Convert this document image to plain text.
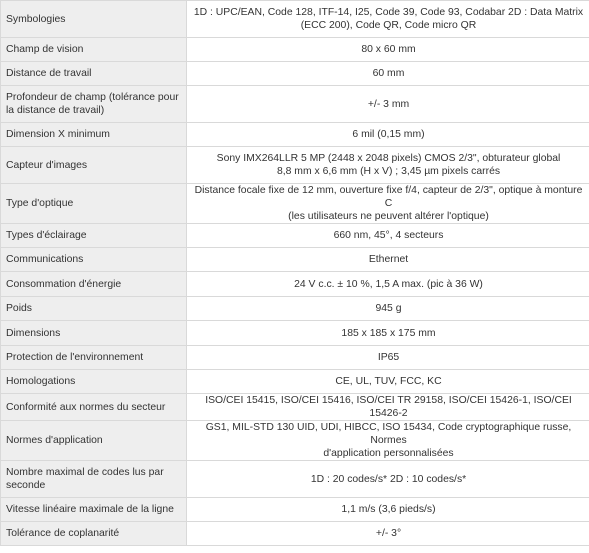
Symbologies	1D : UPC/EAN, Code 128, ITF-14, I25, Code 39, Code 93, Codabar 2D : Data Matrix
(ECC 200), Code QR, Code micro QR

Champ de vision	80 x 60 mm

Distance de travail	60 mm

Profondeur de champ (tolérance pour
la distance de travail)	+/- 3 mm

Dimension X minimum	6 mil (0,15 mm)

Capteur d'images	Sony IMX264LLR 5 MP (2448 x 2048 pixels) CMOS 2/3", obturateur global
8,8 mm x 6,6 mm (H x V) ; 3,45 µm pixels carrés

Type d'optique	Distance focale fixe de 12 mm, ouverture fixe f/4, capteur de 2/3", optique à monture C
(les utilisateurs ne peuvent altérer l'optique)

Types d'éclairage	660 nm, 45°, 4 secteurs

Communications	Ethernet

Consommation d'énergie	24 V c.c. ± 10 %, 1,5 A max. (pic à 36 W)

Poids	945 g

Dimensions	185 x 185 x 175 mm

Protection de l'environnement	IP65

Homologations	CE, UL, TUV, FCC, KC

Conformité aux normes du secteur	ISO/CEI 15415, ISO/CEI 15416, ISO/CEI TR 29158, ISO/CEI 15426-1, ISO/CEI 15426-2

Normes d'application	GS1, MIL-STD 130 UID, UDI, HIBCC, ISO 15434, Code cryptographique russe, Normes
d'application personnalisées

Nombre maximal de codes lus par
seconde	1D : 20 codes/s* 2D : 10 codes/s*

Vitesse linéaire maximale de la ligne	1,1 m/s (3,6 pieds/s)

Tolérance de coplanarité	+/- 3°
